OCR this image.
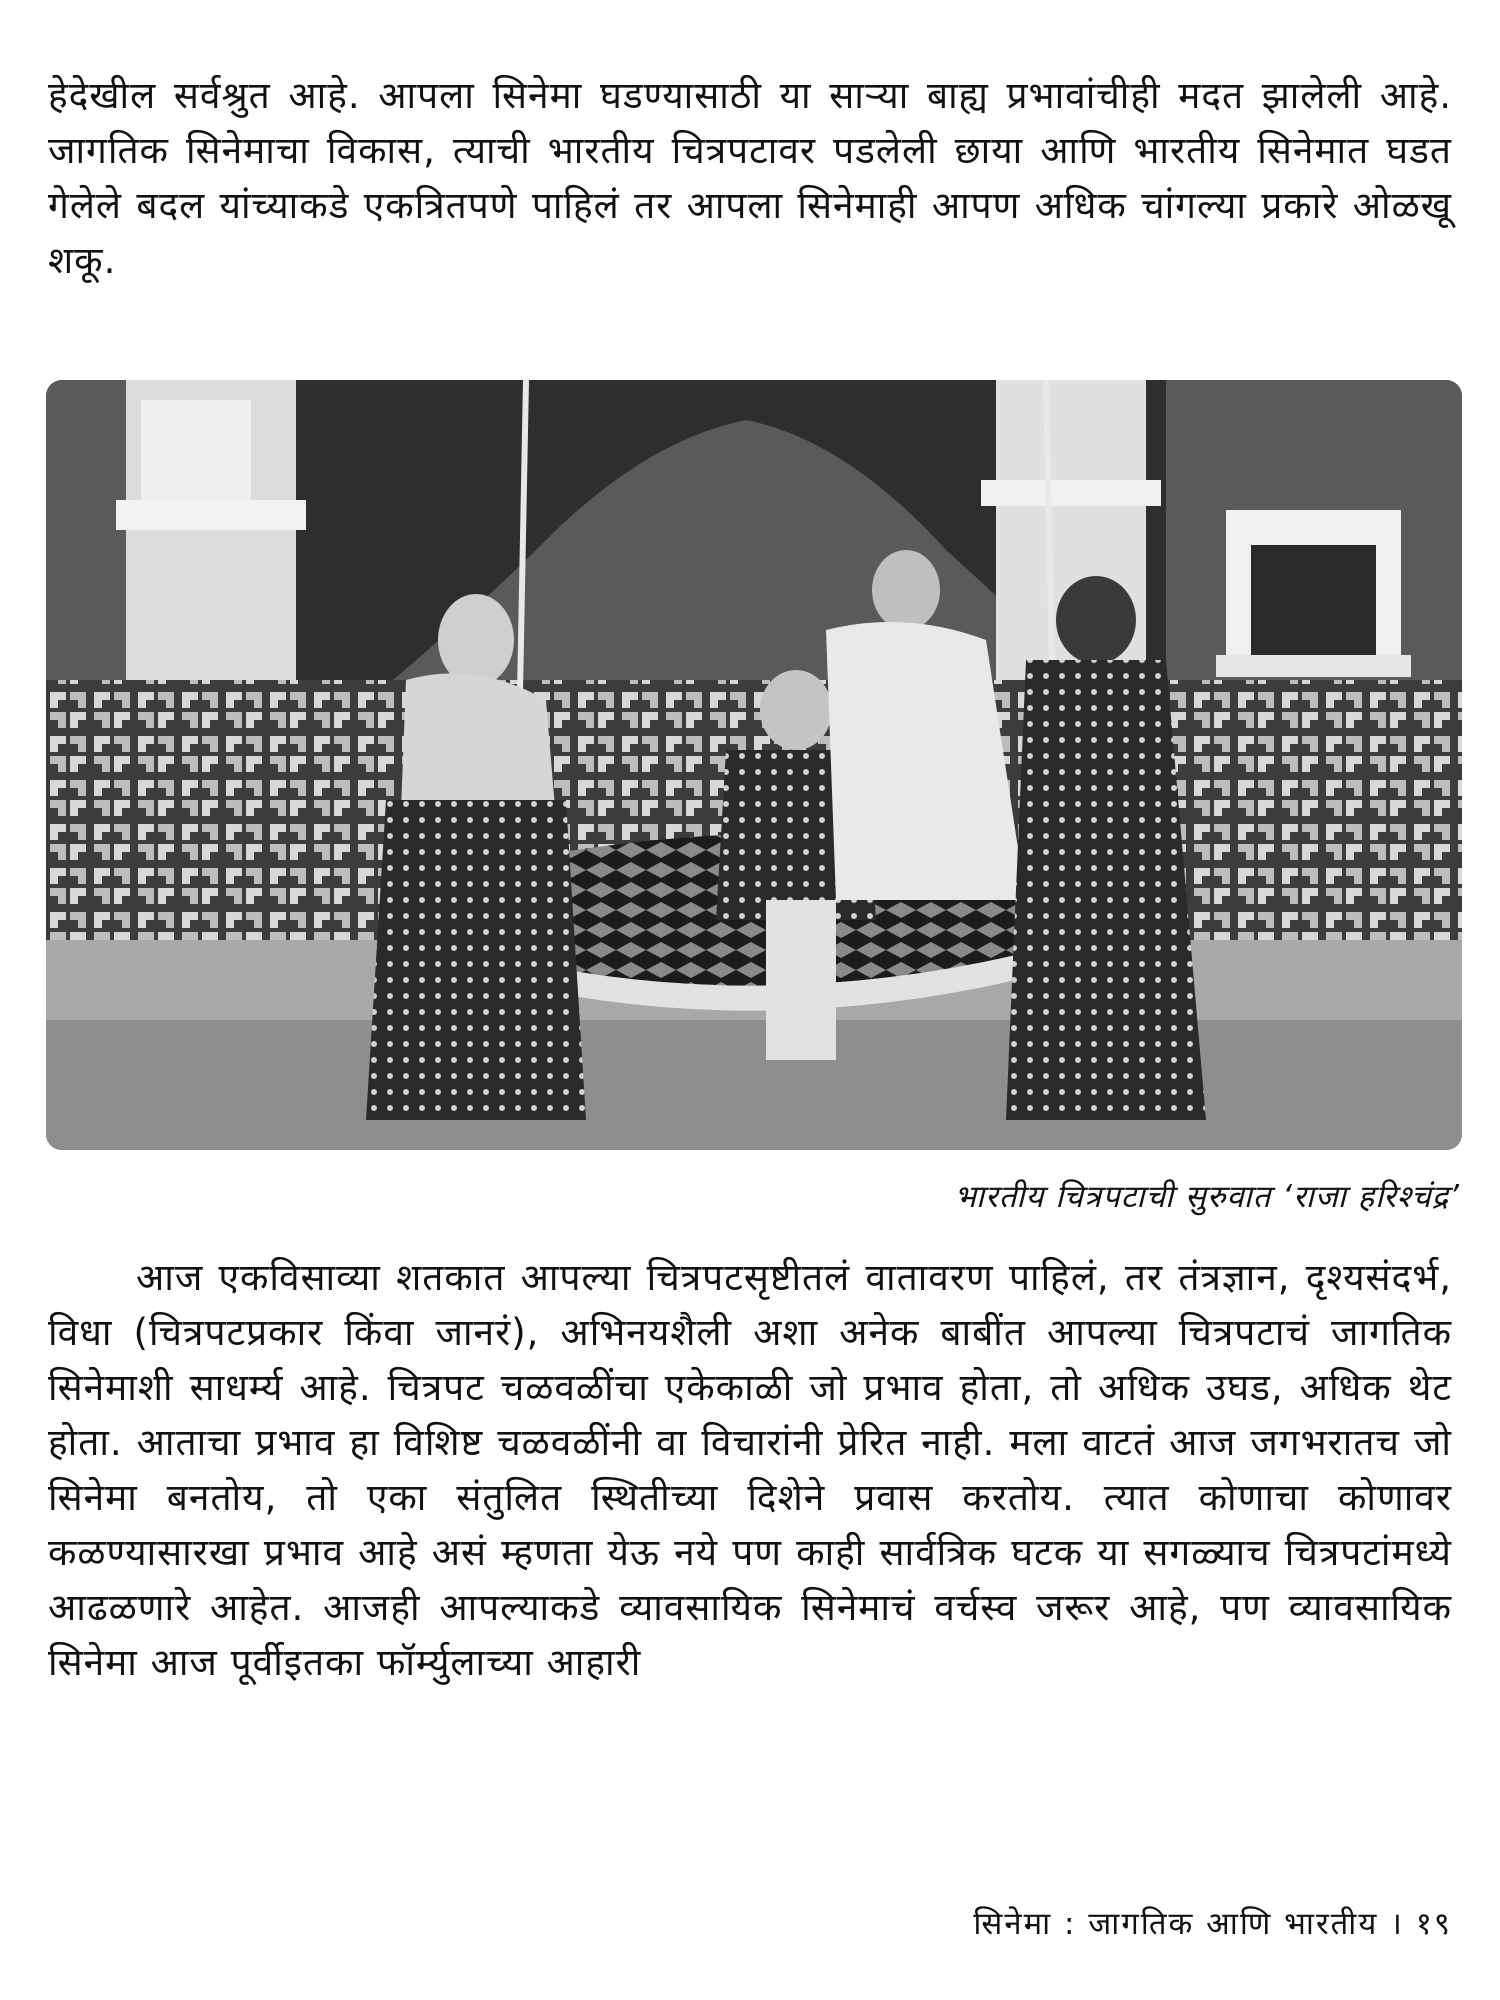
हेदेखील सर्वश्रुत आहे. आपला सिनेमा घडण्यासाठी या साऱ्या बाह्य प्रभावांचीही मदत झालेली आहे. जागतिक सिनेमाचा विकास, त्याची भारतीय चित्रपटावर पडलेली छाया आणि भारतीय सिनेमात घडत गेलेले बदल यांच्याकडे एकत्रितपणे पाहिलं तर आपला सिनेमाही आपण अधिक चांगल्या प्रकारे ओळखू शकू.

भारतीय चित्रपटाची सुरुवात ‘राजा हरिश्चंद्र’

आज एकविसाव्या शतकात आपल्या चित्रपटसृष्टीतलं वातावरण पाहिलं, तर तंत्रज्ञान, दृश्यसंदर्भ, विधा (चित्रपटप्रकार किंवा जानरं), अभिनयशैली अशा अनेक बाबींत आपल्या चित्रपटाचं जागतिक सिनेमाशी साधर्म्य आहे. चित्रपट चळवळींचा एकेकाळी जो प्रभाव होता, तो अधिक उघड, अधिक थेट होता. आताचा प्रभाव हा विशिष्ट चळवळींनी वा विचारांनी प्रेरित नाही. मला वाटतं आज जगभरातच जो सिनेमा बनतोय, तो एका संतुलित स्थितीच्या दिशेने प्रवास करतोय. त्यात कोणाचा कोणावर कळण्यासारखा प्रभाव आहे असं म्हणता येऊ नये पण काही सार्वत्रिक घटक या सगळ्याच चित्रपटांमध्ये आढळणारे आहेत. आजही आपल्याकडे व्यावसायिक सिनेमाचं वर्चस्व जरूर आहे, पण व्यावसायिक सिनेमा आज पूर्वीइतका फॉर्म्युलाच्या आहारी

सिनेमा : जागतिक आणि भारतीय । १९
